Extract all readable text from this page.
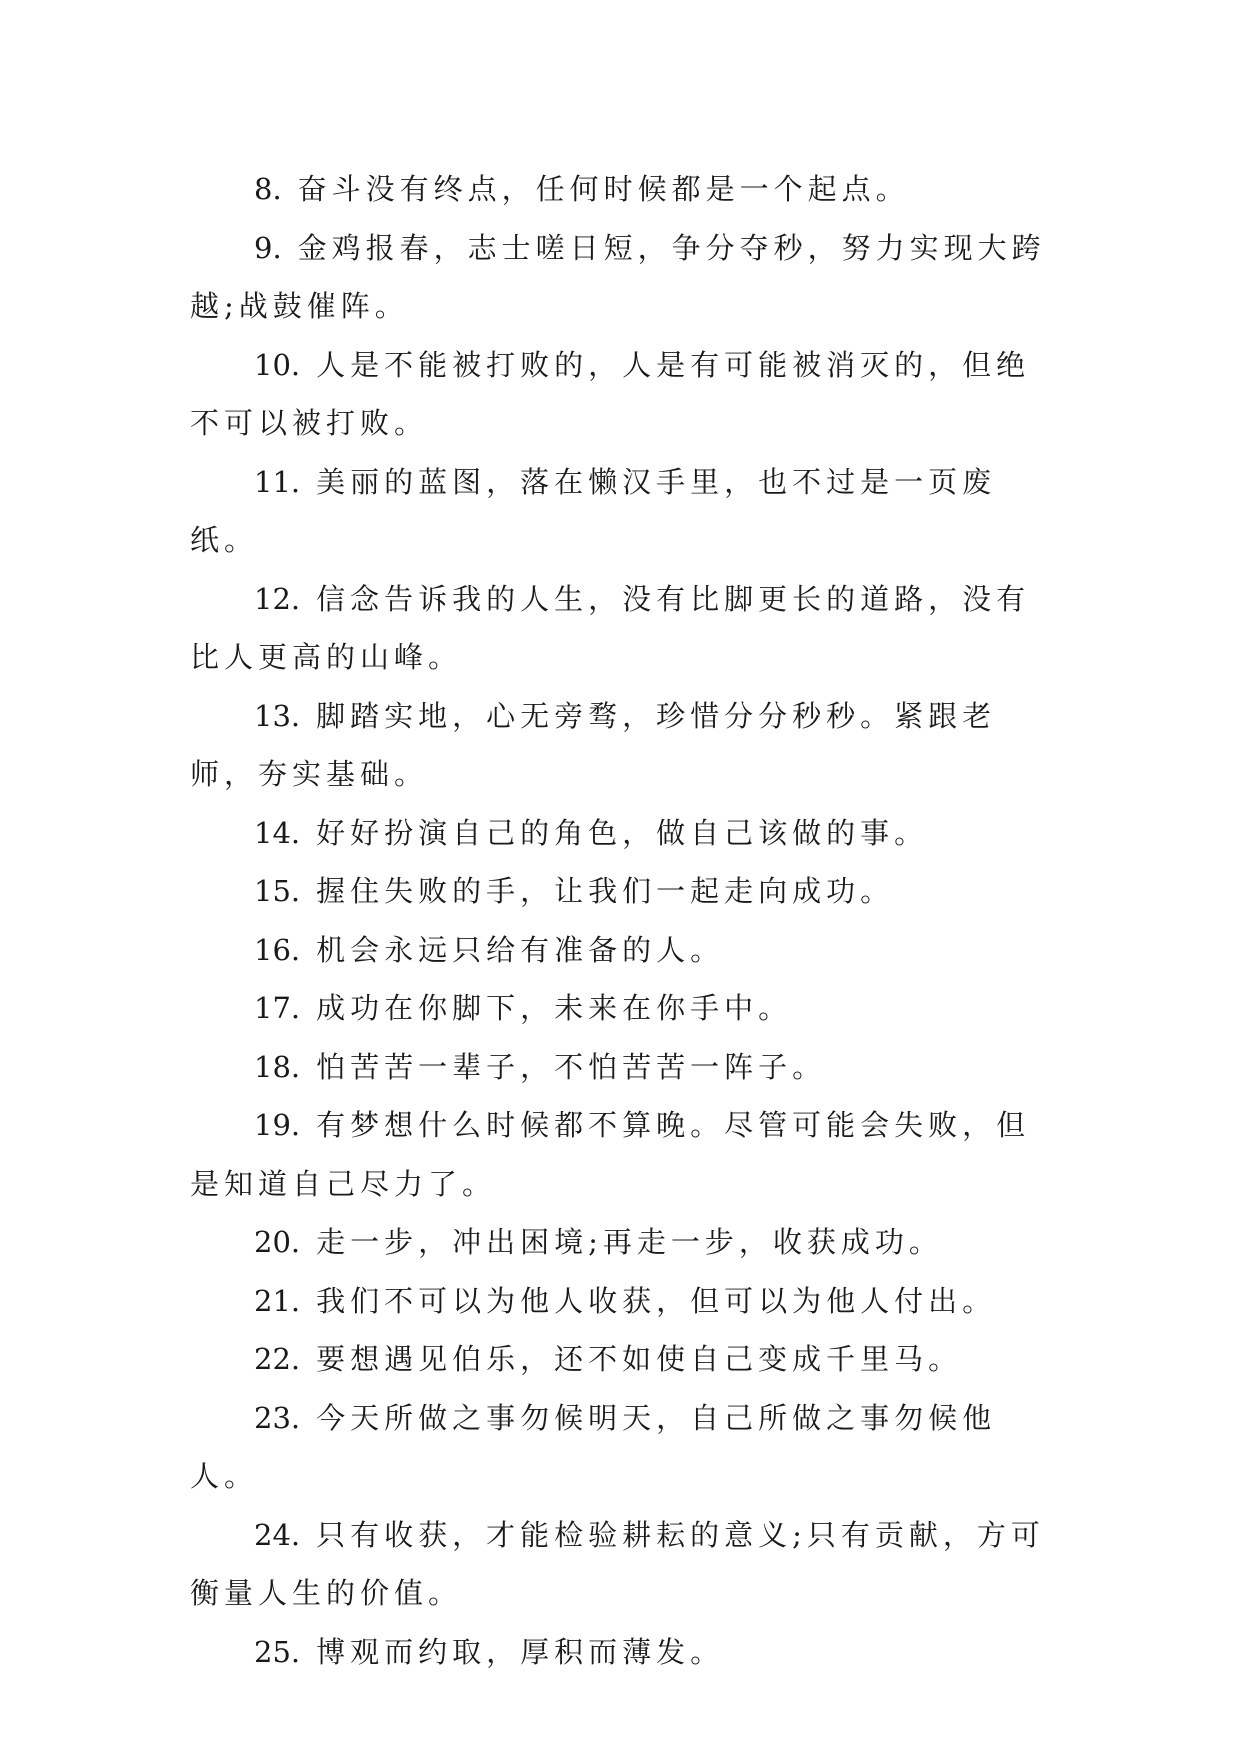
8. 奋斗没有终点，任何时候都是一个起点。

9. 金鸡报春，志士嗟日短，争分夺秒，努力实现大跨越;战鼓催阵。

10. 人是不能被打败的，人是有可能被消灭的，但绝不可以被打败。

11. 美丽的蓝图，落在懒汉手里，也不过是一页废纸。

12. 信念告诉我的人生，没有比脚更长的道路，没有比人更高的山峰。

13. 脚踏实地，心无旁骛，珍惜分分秒秒。紧跟老师，夯实基础。

14. 好好扮演自己的角色，做自己该做的事。

15. 握住失败的手，让我们一起走向成功。

16. 机会永远只给有准备的人。

17. 成功在你脚下，未来在你手中。

18. 怕苦苦一辈子，不怕苦苦一阵子。

19. 有梦想什么时候都不算晚。尽管可能会失败，但是知道自己尽力了。

20. 走一步，冲出困境;再走一步，收获成功。

21. 我们不可以为他人收获，但可以为他人付出。

22. 要想遇见伯乐，还不如使自己变成千里马。

23. 今天所做之事勿候明天，自己所做之事勿候他人。

24. 只有收获，才能检验耕耘的意义;只有贡献，方可衡量人生的价值。

25. 博观而约取，厚积而薄发。
